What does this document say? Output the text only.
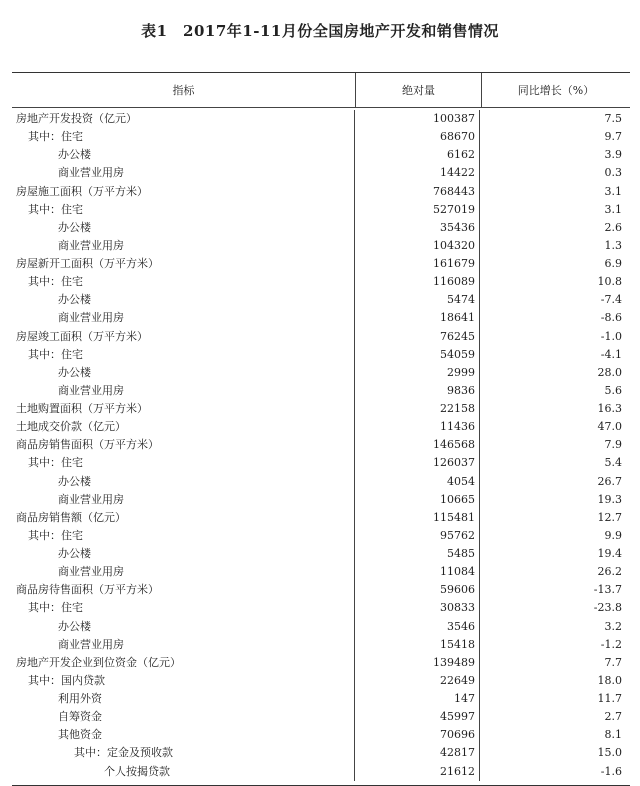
表1　2017年1-11月份全国房地产开发和销售情况
指标	绝对量	同比增长（%）
房地产开发投资（亿元）	100387	7.5
其中：住宅	68670	9.7
办公楼	6162	3.9
商业营业用房	14422	0.3
房屋施工面积（万平方米）	768443	3.1
其中：住宅	527019	3.1
办公楼	35436	2.6
商业营业用房	104320	1.3
房屋新开工面积（万平方米）	161679	6.9
其中：住宅	116089	10.8
办公楼	5474	-7.4
商业营业用房	18641	-8.6
房屋竣工面积（万平方米）	76245	-1.0
其中：住宅	54059	-4.1
办公楼	2999	28.0
商业营业用房	9836	5.6
土地购置面积（万平方米）	22158	16.3
土地成交价款（亿元）	11436	47.0
商品房销售面积（万平方米）	146568	7.9
其中：住宅	126037	5.4
办公楼	4054	26.7
商业营业用房	10665	19.3
商品房销售额（亿元）	115481	12.7
其中：住宅	95762	9.9
办公楼	5485	19.4
商业营业用房	11084	26.2
商品房待售面积（万平方米）	59606	-13.7
其中：住宅	30833	-23.8
办公楼	3546	3.2
商业营业用房	15418	-1.2
房地产开发企业到位资金（亿元）	139489	7.7
其中：国内贷款	22649	18.0
利用外资	147	11.7
自筹资金	45997	2.7
其他资金	70696	8.1
其中：定金及预收款	42817	15.0
个人按揭贷款	21612	-1.6
